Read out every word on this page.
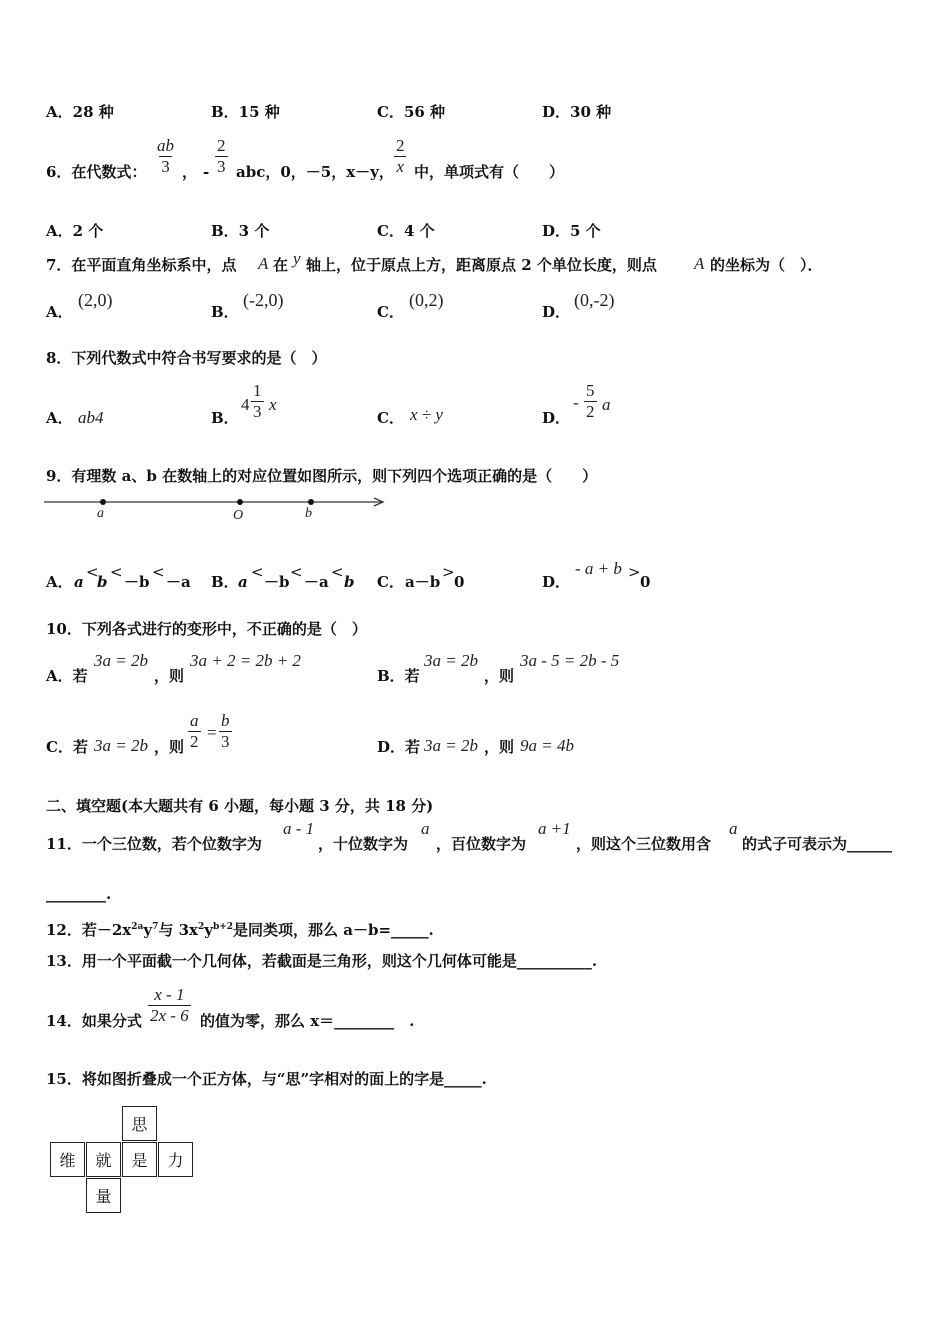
A．28 种	B．15 种	C．56 种	D．30 种
6．在代数式： $\frac{ab}{3}$ ， - $\frac{2}{3}$ abc，0，－5，x－y， $\frac{2}{x}$ 中，单项式有（　　）
A．2 个	B．3 个	C．4 个	D．5 个
7．在平面直角坐标系中，点 A 在 y 轴上，位于原点上方，距离原点 2 个单位长度，则点 A 的坐标为（　）．
A．
(2,0)
B．
(-2,0)
C．
(0,2)
D．
(0,-2)
8．下列代数式中符合书写要求的是（　）
A． ab4	B．
$4 \frac{1}{3}$ x
C． x ÷ y	D．
- $\frac{5}{2}$ a
9．有理数 a、b 在数轴上的对应位置如图所示，则下列四个选项正确的是（　　）
a	O	b
A． a
<
b
<
－b
<
－a B． a
<
－b
<
－a
<
b C． a－b
>
0	D．
- a + b >
0
10．下列各式进行的变形中，不正确的是（　）
A．若
3a = 2b
，则
3a + 2 = 2b + 2
B．若
3a = 2b
，则
3a - 5 = 2b - 5
C．若 3a = 2b ，则 $\frac{a}{2} = \frac{b}{3}$	D．若 3a = 2b ，则 9a = 4b
二、填空题(本大题共有 6 小题，每小题 3 分，共 18 分)
11．一个三位数，若个位数字为
a - 1
，十位数字为
a
，百位数字为
a +1
，则这个三位数用含
a
的式子可表示为______
________.
12．若$-2x^{2a}y^7$与 $3x^2y^{b+2}$是同类项，那么 a－b=_____.
13．用一个平面截一个几何体，若截面是三角形，则这个几何体可能是__________.
14．如果分式 $\frac{x - 1}{2x - 6}$ 的值为零，那么 x＝________　.
15．将如图折叠成一个正方体，与“思”字相对的面上的字是_____.
思
维	就	是	力
量
